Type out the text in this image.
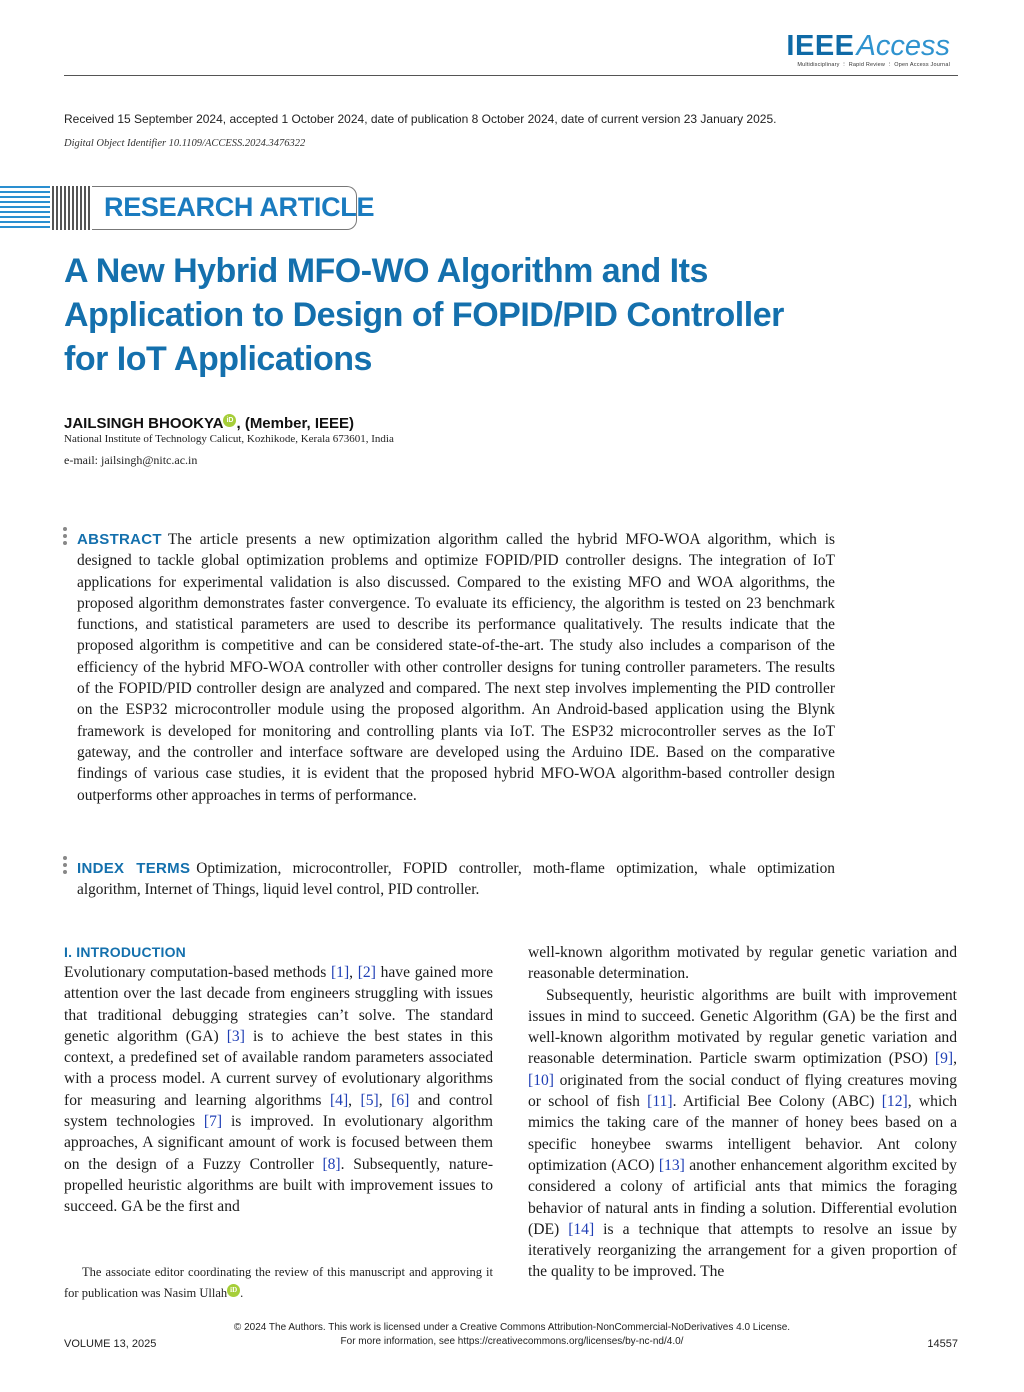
IEEEAccess
Multidisciplinary ⋮ Rapid Review ⋮ Open Access Journal
Received 15 September 2024, accepted 1 October 2024, date of publication 8 October 2024, date of current version 23 January 2025.
Digital Object Identifier 10.1109/ACCESS.2024.3476322
RESEARCH ARTICLE
A New Hybrid MFO-WO Algorithm and Its Application to Design of FOPID/PID Controller for IoT Applications
JAILSINGH BHOOKYA iD , (Member, IEEE)
National Institute of Technology Calicut, Kozhikode, Kerala 673601, India
e-mail: jailsingh@nitc.ac.in
ABSTRACT The article presents a new optimization algorithm called the hybrid MFO-WOA algorithm, which is designed to tackle global optimization problems and optimize FOPID/PID controller designs. The integration of IoT applications for experimental validation is also discussed. Compared to the existing MFO and WOA algorithms, the proposed algorithm demonstrates faster convergence. To evaluate its efficiency, the algorithm is tested on 23 benchmark functions, and statistical parameters are used to describe its performance qualitatively. The results indicate that the proposed algorithm is competitive and can be considered state-of-the-art. The study also includes a comparison of the efficiency of the hybrid MFO-WOA controller with other controller designs for tuning controller parameters. The results of the FOPID/PID controller design are analyzed and compared. The next step involves implementing the PID controller on the ESP32 microcontroller module using the proposed algorithm. An Android-based application using the Blynk framework is developed for monitoring and controlling plants via IoT. The ESP32 microcontroller serves as the IoT gateway, and the controller and interface software are developed using the Arduino IDE. Based on the comparative findings of various case studies, it is evident that the proposed hybrid MFO-WOA algorithm-based controller design outperforms other approaches in terms of performance.
INDEX TERMS Optimization, microcontroller, FOPID controller, moth-flame optimization, whale optimization algorithm, Internet of Things, liquid level control, PID controller.
I. INTRODUCTION

Evolutionary computation-based methods [1], [2] have gained more attention over the last decade from engineers struggling with issues that traditional debugging strategies can’t solve. The standard genetic algorithm (GA) [3] is to achieve the best states in this context, a predefined set of available random parameters associated with a process model. A current survey of evolutionary algorithms for measuring and learning algorithms [4], [5], [6] and control system technologies [7] is improved. In evolutionary algorithm approaches, A significant amount of work is focused between them on the design of a Fuzzy Controller [8]. Subsequently, nature-propelled heuristic algorithms are built with improvement issues to succeed. GA be the first and

The associate editor coordinating the review of this manuscript and approving it for publication was Nasim Ullah iD .

well-known algorithm motivated by regular genetic variation and reasonable determination.

Subsequently, heuristic algorithms are built with improvement issues in mind to succeed. Genetic Algorithm (GA) be the first and well-known algorithm motivated by regular genetic variation and reasonable determination. Particle swarm optimization (PSO) [9], [10] originated from the social conduct of flying creatures moving or school of fish [11]. Artificial Bee Colony (ABC) [12], which mimics the taking care of the manner of honey bees based on a specific honeybee swarms intelligent behavior. Ant colony optimization (ACO) [13] another enhancement algorithm excited by considered a colony of artificial ants that mimics the foraging behavior of natural ants in finding a solution. Differential evolution (DE) [14] is a technique that attempts to resolve an issue by iteratively reorganizing the arrangement for a given proportion of the quality to be improved. The

© 2024 The Authors. This work is licensed under a Creative Commons Attribution-NonCommercial-NoDerivatives 4.0 License.
For more information, see https://creativecommons.org/licenses/by-nc-nd/4.0/
VOLUME 13, 2025	14557
